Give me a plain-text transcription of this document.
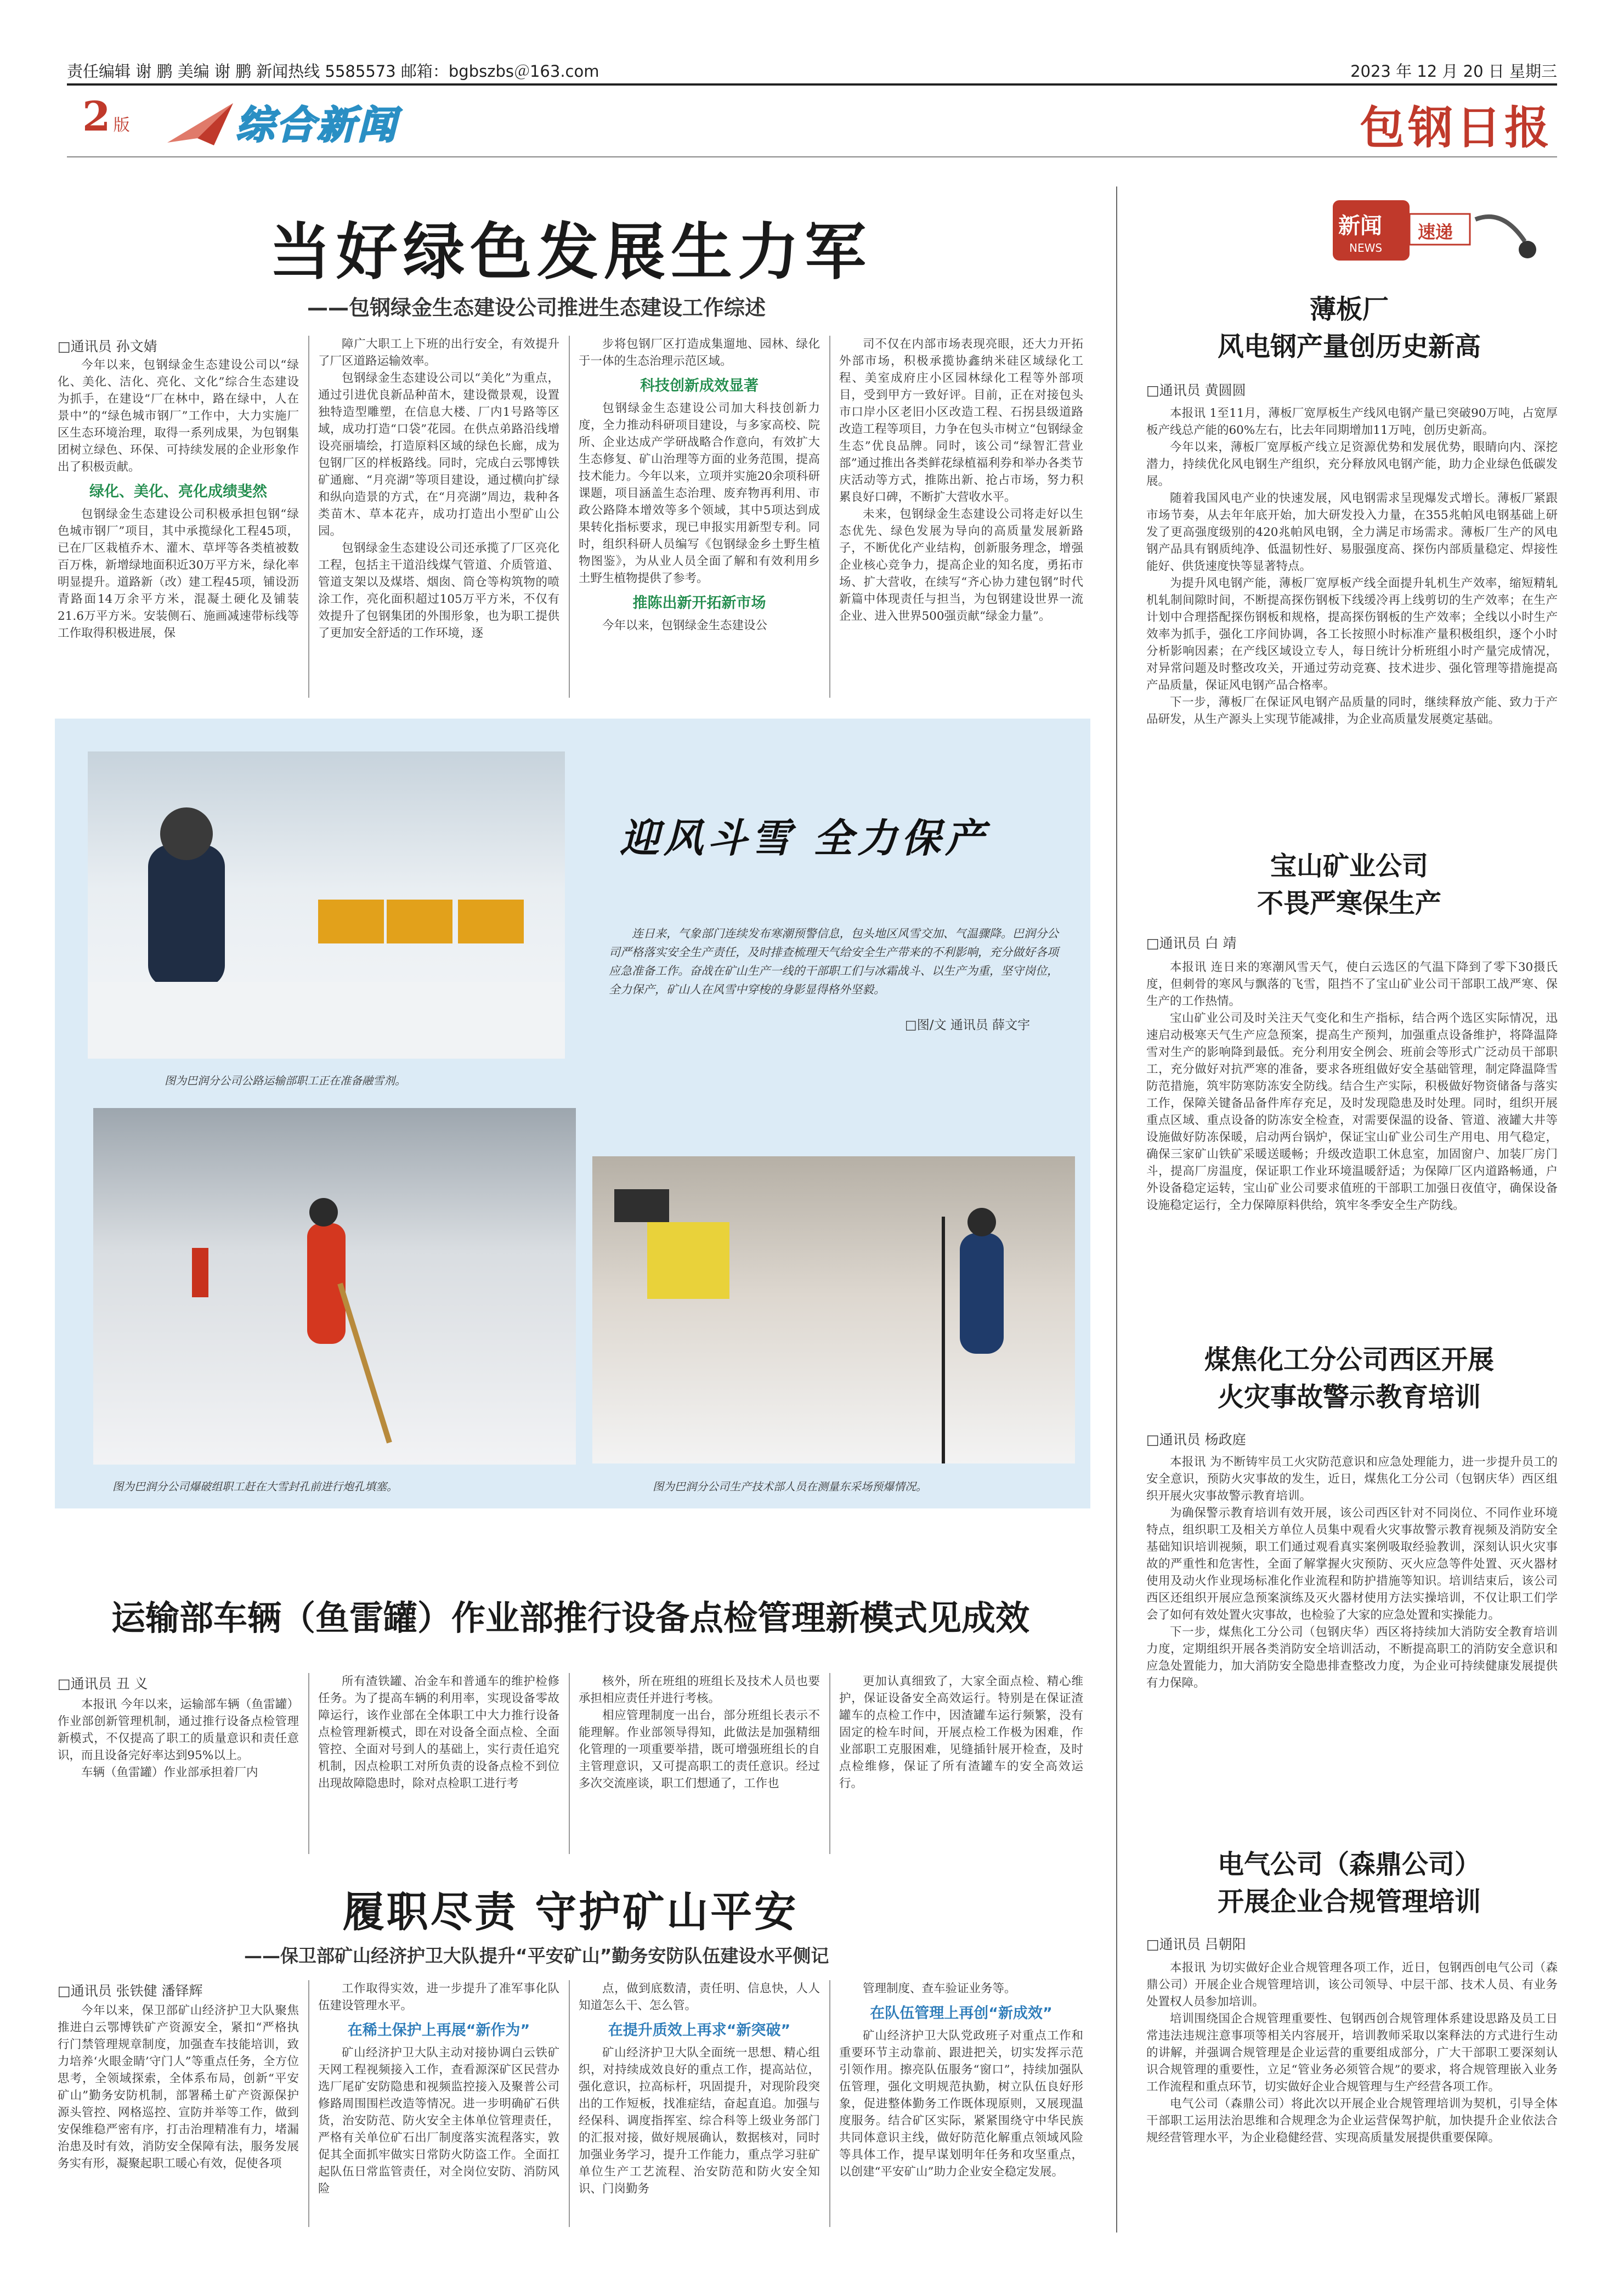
责任编辑 谢 鹏 美编 谢 鹏 新闻热线 5585573 邮箱：bgbszbs＠163.com	2023 年 12 月 20 日 星期三
2 版	综合新闻	包钢日报
新闻 速递
NEWS
当好绿色发展生力军
——包钢绿金生态建设公司推进生态建设工作综述
□通讯员 孙文婧

今年以来，包钢绿金生态建设公司以“绿化、美化、洁化、亮化、文化”综合生态建设为抓手，在建设“厂在林中，路在绿中，人在景中”的“绿色城市钢厂”工作中，大力实施厂区生态环境治理，取得一系列成果，为包钢集团树立绿色、环保、可持续发展的企业形象作出了积极贡献。

绿化、美化、亮化成绩斐然

包钢绿金生态建设公司积极承担包钢“绿色城市钢厂”项目，其中承揽绿化工程45项，已在厂区栽植乔木、灌木、草坪等各类植被数百万株，新增绿地面积近30万平方米，绿化率明显提升。道路新（改）建工程45项，铺设沥青路面14万余平方米，混凝土硬化及铺装21.6万平方米。安装侧石、施画减速带标线等工作取得积极进展，保

障广大职工上下班的出行安全，有效提升了厂区道路运输效率。

包钢绿金生态建设公司以“美化”为重点，通过引进优良新品种苗木，建设微景观，设置独特造型雕塑，在信息大楼、厂内1号路等区域，成功打造“口袋”花园。在供点弟路沿线增设亮丽墙绘，打造原料区域的绿色长廊，成为包钢厂区的样板路线。同时，完成白云鄂博铁矿通廊、“月亮湖”等项目建设，通过横向扩绿和纵向造景的方式，在“月亮湖”周边，栽种各类苗木、草本花卉，成功打造出小型矿山公园。

包钢绿金生态建设公司还承揽了厂区亮化工程，包括主干道沿线煤气管道、介质管道、管道支架以及煤塔、烟囱、筒仓等构筑物的喷涂工作，亮化面积超过105万平方米，不仅有效提升了包钢集团的外围形象，也为职工提供了更加安全舒适的工作环境，逐

步将包钢厂区打造成集遛地、园林、绿化于一体的生态治理示范区域。

科技创新成效显著

包钢绿金生态建设公司加大科技创新力度，全力推动科研项目建设，与多家高校、院所、企业达成产学研战略合作意向，有效扩大生态修复、矿山治理等方面的业务范围，提高技术能力。今年以来，立项并实施20余项科研课题，项目涵盖生态治理、废弃物再利用、市政公路降本增效等多个领域，其中5项达到成果转化指标要求，现已申报实用新型专利。同时，组织科研人员编写《包钢绿金乡土野生植物图鉴》，为从业人员全面了解和有效利用乡土野生植物提供了参考。

推陈出新开拓新市场

今年以来，包钢绿金生态建设公

司不仅在内部市场表现亮眼，还大力开拓外部市场，积极承揽协鑫纳米硅区域绿化工程、美室成府庄小区园林绿化工程等外部项目，受到甲方一致好评。目前，正在对接包头市口岸小区老旧小区改造工程、石拐县级道路改造工程等项目，力争在包头市树立“包钢绿金生态”优良品牌。同时，该公司“绿智汇营业部”通过推出各类鲜花绿植福利券和举办各类节庆活动等方式，推陈出新、抢占市场，努力积累良好口碑，不断扩大营收水平。

未来，包钢绿金生态建设公司将走好以生态优先、绿色发展为导向的高质量发展新路子，不断优化产业结构，创新服务理念，增强企业核心竞争力，提高企业的知名度，勇拓市场、扩大营收，在续写“齐心协力建包钢”时代新篇中体现责任与担当，为包钢建设世界一流企业、进入世界500强贡献“绿金力量”。

图为巴润分公司公路运输部职工正在准备融雪剂。
迎风斗雪 全力保产
连日来，气象部门连续发布寒潮预警信息，包头地区风雪交加、气温骤降。巴润分公司严格落实安全生产责任，及时排查梳理天气给安全生产带来的不利影响，充分做好各项应急准备工作。奋战在矿山生产一线的干部职工们与冰霜战斗、以生产为重，坚守岗位，全力保产，矿山人在风雪中穿梭的身影显得格外坚毅。
□图/文 通讯员 薛文宇
图为巴润分公司爆破组职工赶在大雪封孔前进行炮孔填塞。	图为巴润分公司生产技术部人员在测量东采场预爆情况。
运输部车辆（鱼雷罐）作业部推行设备点检管理新模式见成效
□通讯员 丑 义

本报讯 今年以来，运输部车辆（鱼雷罐）作业部创新管理机制，通过推行设备点检管理新模式，不仅提高了职工的质量意识和责任意识，而且设备完好率达到95%以上。

车辆（鱼雷罐）作业部承担着厂内

所有渣铁罐、冶金车和普通车的维护检修任务。为了提高车辆的利用率，实现设备零故障运行，该作业部在全体职工中大力推行设备点检管理新模式，即在对设备全面点检、全面管控、全面对号到人的基础上，实行责任追究机制，因点检职工对所负责的设备点检不到位出现故障隐患时，除对点检职工进行考

核外，所在班组的班组长及技术人员也要承担相应责任并进行考核。

相应管理制度一出台，部分班组长表示不能理解。作业部领导得知，此做法是加强精细化管理的一项重要举措，既可增强班组长的自主管理意识，又可提高职工的责任意识。经过多次交流座谈，职工们想通了，工作也

更加认真细致了，大家全面点检、精心维护，保证设备安全高效运行。特别是在保证渣罐车的点检工作中，因渣罐车运行频繁，没有固定的检车时间，开展点检工作极为困难，作业部职工克服困难，见缝插针展开检查，及时点检维修，保证了所有渣罐车的安全高效运行。

履职尽责 守护矿山平安
——保卫部矿山经济护卫大队提升“平安矿山”勤务安防队伍建设水平侧记
□通讯员 张铁健 潘铎辉

今年以来，保卫部矿山经济护卫大队聚焦推进白云鄂博铁矿产资源安全，紧扣“严格执行门禁管理规章制度，加强查车技能培训，致力培养‘火眼金睛’守门人”等重点任务，全方位思考，全领域探索，全体系布局，创新“平安矿山”勤务安防机制，部署稀土矿产资源保护源头管控、网格巡控、宣防并举等工作，做到安保维稳严密有序，打击治理精准有力，堵漏治患及时有效，消防安全保障有法，服务发展务实有形，凝聚起职工暖心有效，促使各项

工作取得实效，进一步提升了准军事化队伍建设管理水平。

在稀土保护上再展“新作为”

矿山经济护卫大队主动对接协调白云铁矿天网工程视频接入工作，查看源深矿区民营办选厂尾矿安防隐患和视频监控接入及聚普公司修路周围围栏改造等情况。进一步明确矿石供货，治安防范、防火安全主体单位管理责任，严格有关单位矿石出厂制度落实流程落实，敦促其全面抓牢做实日常防火防盗工作。全面扛起队伍日常监管责任，对全岗位安防、消防风险

点，做到底数清，责任明、信息快，人人知道怎么干、怎么管。

在提升质效上再求“新突破”

矿山经济护卫大队全面统一思想、精心组织，对持续成效良好的重点工作，提高站位，强化意识，拉高标杆，巩固提升，对现阶段突出的工作短板，找准症结，奋起直追。加强与经保科、调度指挥室、综合科等上级业务部门的汇报对接，做好规展确认，数据核对，同时加强业务学习，提升工作能力，重点学习驻矿单位生产工艺流程、治安防范和防火安全知识、门岗勤务

管理制度、查车验证业务等。

在队伍管理上再创“新成效”

矿山经济护卫大队党政班子对重点工作和重要环节主动靠前、跟进把关，切实发挥示范引领作用。擦亮队伍服务“窗口”，持续加强队伍管理，强化文明规范执勤，树立队伍良好形象，促进整体勤务工作既体现原则，又展现温度服务。结合矿区实际，紧紧围绕守中华民族共同体意识主线，做好防范化解重点领域风险等具体工作，提早谋划明年任务和攻坚重点，以创建“平安矿山”助力企业安全稳定发展。

薄板厂
风电钢产量创历史新高
□通讯员 黄圆圆

本报讯 1至11月，薄板厂宽厚板生产线风电钢产量已突破90万吨，占宽厚板产线总产能的60%左右，比去年同期增加11万吨，创历史新高。

今年以来，薄板厂宽厚板产线立足资源优势和发展优势，眼睛向内、深挖潜力，持续优化风电钢生产组织，充分释放风电钢产能，助力企业绿色低碳发展。

随着我国风电产业的快速发展，风电钢需求呈现爆发式增长。薄板厂紧跟市场节奏，从去年年底开始，加大研发投入力量，在355兆帕风电钢基础上研发了更高强度级别的420兆帕风电钢，全力满足市场需求。薄板厂生产的风电钢产品具有钢质纯净、低温韧性好、易服强度高、探伤内部质量稳定、焊接性能好、供货速度快等显著特点。

为提升风电钢产能，薄板厂宽厚板产线全面提升轧机生产效率，缩短精轧机轧制间隙时间，不断提高探伤钢板下线缓冷再上线剪切的生产效率；在生产计划中合理搭配探伤钢板和规格，提高探伤钢板的生产效率；全线以小时生产效率为抓手，强化工序间协调，各工长按照小时标准产量积极组织，逐个小时分析影响因素；在产线区域设立专人，每日统计分析班组小时产量完成情况，对异常问题及时整改攻关，开通过劳动竞赛、技术进步、强化管理等措施提高产品质量，保证风电钢产品合格率。

下一步，薄板厂在保证风电钢产品质量的同时，继续释放产能、致力于产品研发，从生产源头上实现节能减排，为企业高质量发展奠定基础。

宝山矿业公司
不畏严寒保生产
□通讯员 白 靖

本报讯 连日来的寒潮风雪天气，使白云选区的气温下降到了零下30摄氏度，但刺骨的寒风与飘落的飞雪，阻挡不了宝山矿业公司干部职工战严寒、保生产的工作热情。

宝山矿业公司及时关注天气变化和生产指标，结合两个选区实际情况，迅速启动极寒天气生产应急预案，提高生产预判，加强重点设备维护，将降温降雪对生产的影响降到最低。充分利用安全例会、班前会等形式广泛动员干部职工，充分做好对抗严寒的准备，要求各班组做好安全基础管理，制定降温降雪防范措施，筑牢防寒防冻安全防线。结合生产实际，积极做好物资储备与落实工作，保障关键备品备件库存充足，及时发现隐患及时处理。同时，组织开展重点区域、重点设备的防冻安全检查，对需要保温的设备、管道、液罐大井等设施做好防冻保暖，启动两台锅炉，保证宝山矿业公司生产用电、用气稳定，确保三家矿山铁矿采暖送暖畅；升级改造职工休息室，加固窗户、加装厂房门斗，提高厂房温度，保证职工作业环境温暖舒适；为保障厂区内道路畅通，户外设备稳定运转，宝山矿业公司要求值班的干部职工加强日夜值守，确保设备设施稳定运行，全力保障原料供给，筑牢冬季安全生产防线。

煤焦化工分公司西区开展
火灾事故警示教育培训
□通讯员 杨政庭

本报讯 为不断铸牢员工火灾防范意识和应急处理能力，进一步提升员工的安全意识，预防火灾事故的发生，近日，煤焦化工分公司（包钢庆华）西区组织开展火灾事故警示教育培训。

为确保警示教育培训有效开展，该公司西区针对不同岗位、不同作业环境特点，组织职工及相关方单位人员集中观看火灾事故警示教育视频及消防安全基础知识培训视频，职工们通过观看真实案例吸取经验教训，深刻认识火灾事故的严重性和危害性，全面了解掌握火灾预防、灭火应急等件处置、灭火器材使用及动火作业现场标准化作业流程和防护措施等知识。培训结束后，该公司西区还组织开展应急预案演练及灭火器材使用方法实操培训，不仅让职工们学会了如何有效处置火灾事故，也检验了大家的应急处置和实操能力。

下一步，煤焦化工分公司（包钢庆华）西区将持续加大消防安全教育培训力度，定期组织开展各类消防安全培训活动，不断提高职工的消防安全意识和应急处置能力，加大消防安全隐患排查整改力度，为企业可持续健康发展提供有力保障。

电气公司（森鼎公司）
开展企业合规管理培训
□通讯员 吕朝阳

本报讯 为切实做好企业合规管理各项工作，近日，包钢西创电气公司（森鼎公司）开展企业合规管理培训，该公司领导、中层干部、技术人员、有业务处置权人员参加培训。

培训围绕国企合规管理重要性、包钢西创合规管理体系建设思路及员工日常违法违规注意事项等相关内容展开，培训教师采取以案释法的方式进行生动的讲解，并强调合规管理是企业运营的重要组成部分，广大干部职工要深刻认识合规管理的重要性，立足“管业务必须管合规”的要求，将合规管理嵌入业务工作流程和重点环节，切实做好企业合规管理与生产经营各项工作。

电气公司（森鼎公司）将此次以开展企业合规管理培训为契机，引导全体干部职工运用法治思维和合规理念为企业运营保驾护航，加快提升企业依法合规经营管理水平，为企业稳健经营、实现高质量发展提供重要保障。
